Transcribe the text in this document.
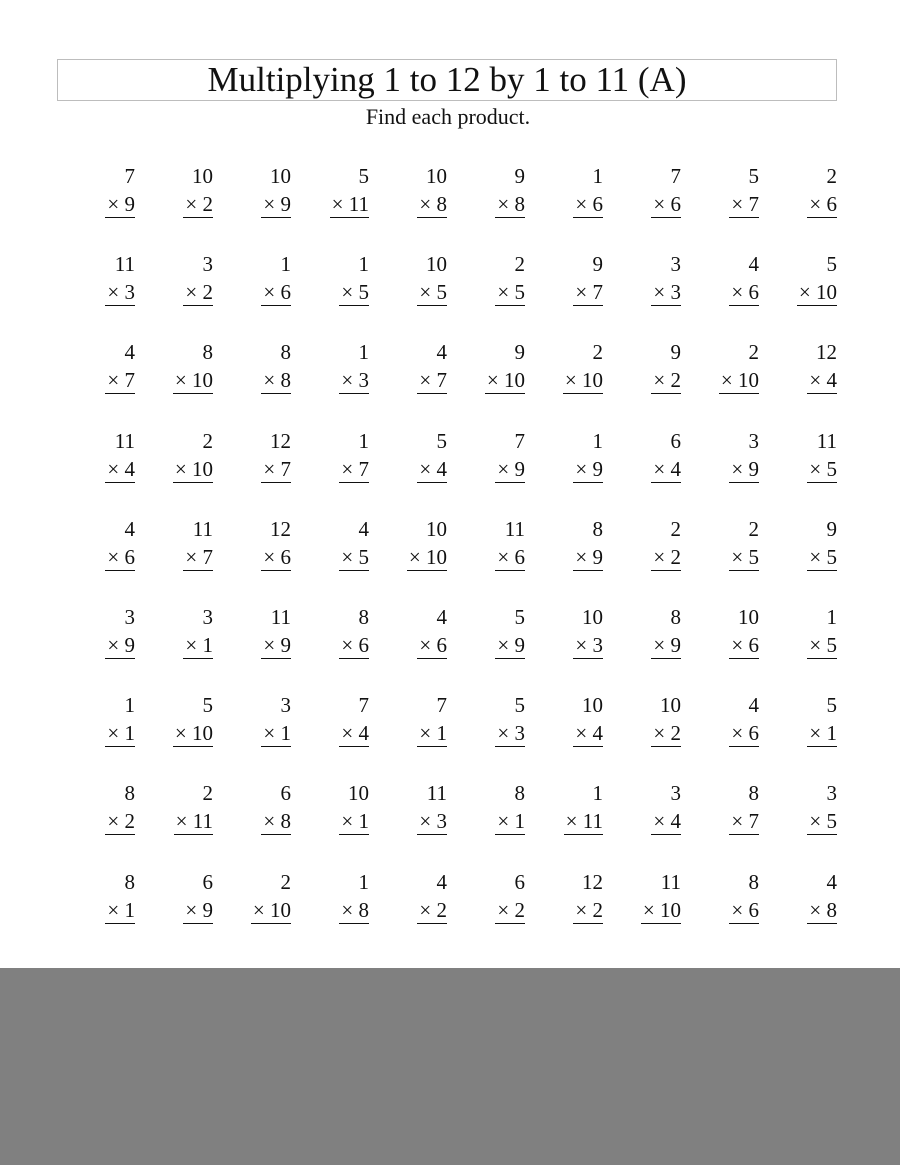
Multiplying 1 to 12 by 1 to 11 (A)
Find each product.
7
× 9
10
× 2
10
× 9
5
× 11
10
× 8
9
× 8
1
× 6
7
× 6
5
× 7
2
× 6
11
× 3
3
× 2
1
× 6
1
× 5
10
× 5
2
× 5
9
× 7
3
× 3
4
× 6
5
× 10
4
× 7
8
× 10
8
× 8
1
× 3
4
× 7
9
× 10
2
× 10
9
× 2
2
× 10
12
× 4
11
× 4
2
× 10
12
× 7
1
× 7
5
× 4
7
× 9
1
× 9
6
× 4
3
× 9
11
× 5
4
× 6
11
× 7
12
× 6
4
× 5
10
× 10
11
× 6
8
× 9
2
× 2
2
× 5
9
× 5
3
× 9
3
× 1
11
× 9
8
× 6
4
× 6
5
× 9
10
× 3
8
× 9
10
× 6
1
× 5
1
× 1
5
× 10
3
× 1
7
× 4
7
× 1
5
× 3
10
× 4
10
× 2
4
× 6
5
× 1
8
× 2
2
× 11
6
× 8
10
× 1
11
× 3
8
× 1
1
× 11
3
× 4
8
× 7
3
× 5
8
× 1
6
× 9
2
× 10
1
× 8
4
× 2
6
× 2
12
× 2
11
× 10
8
× 6
4
× 8
